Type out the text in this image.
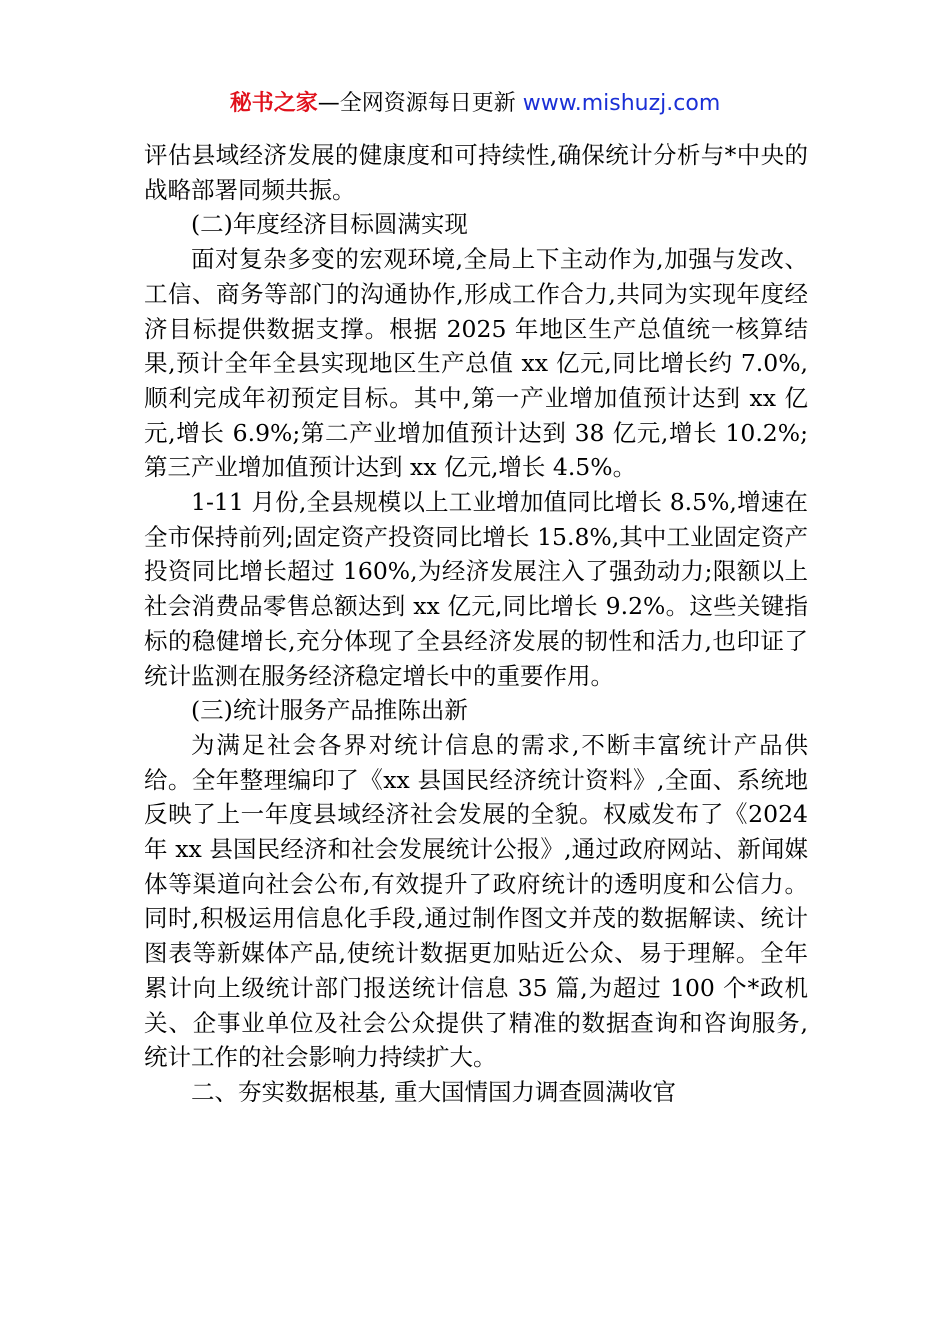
秘书之家—全网资源每日更新 www.mishuzj.com

评估县域经济发展的健康度和可持续性,确保统计分析与*中央的战略部署同频共振。

(二)年度经济目标圆满实现

面对复杂多变的宏观环境,全局上下主动作为,加强与发改、工信、商务等部门的沟通协作,形成工作合力,共同为实现年度经济目标提供数据支撑。根据 2025 年地区生产总值统一核算结果,预计全年全县实现地区生产总值 xx 亿元,同比增长约 7.0%,顺利完成年初预定目标。其中,第一产业增加值预计达到 xx 亿元,增长 6.9%;第二产业增加值预计达到 38 亿元,增长 10.2%;第三产业增加值预计达到 xx 亿元,增长 4.5%。

1-11 月份,全县规模以上工业增加值同比增长 8.5%,增速在全市保持前列;固定资产投资同比增长 15.8%,其中工业固定资产投资同比增长超过 160%,为经济发展注入了强劲动力;限额以上社会消费品零售总额达到 xx 亿元,同比增长 9.2%。这些关键指标的稳健增长,充分体现了全县经济发展的韧性和活力,也印证了统计监测在服务经济稳定增长中的重要作用。

(三)统计服务产品推陈出新

为满足社会各界对统计信息的需求,不断丰富统计产品供给。全年整理编印了《xx 县国民经济统计资料》,全面、系统地反映了上一年度县域经济社会发展的全貌。权威发布了《2024 年 xx 县国民经济和社会发展统计公报》,通过政府网站、新闻媒体等渠道向社会公布,有效提升了政府统计的透明度和公信力。同时,积极运用信息化手段,通过制作图文并茂的数据解读、统计图表等新媒体产品,使统计数据更加贴近公众、易于理解。全年累计向上级统计部门报送统计信息 35 篇,为超过 100 个*政机关、企事业单位及社会公众提供了精准的数据查询和咨询服务,统计工作的社会影响力持续扩大。

二、夯实数据根基, 重大国情国力调查圆满收官
